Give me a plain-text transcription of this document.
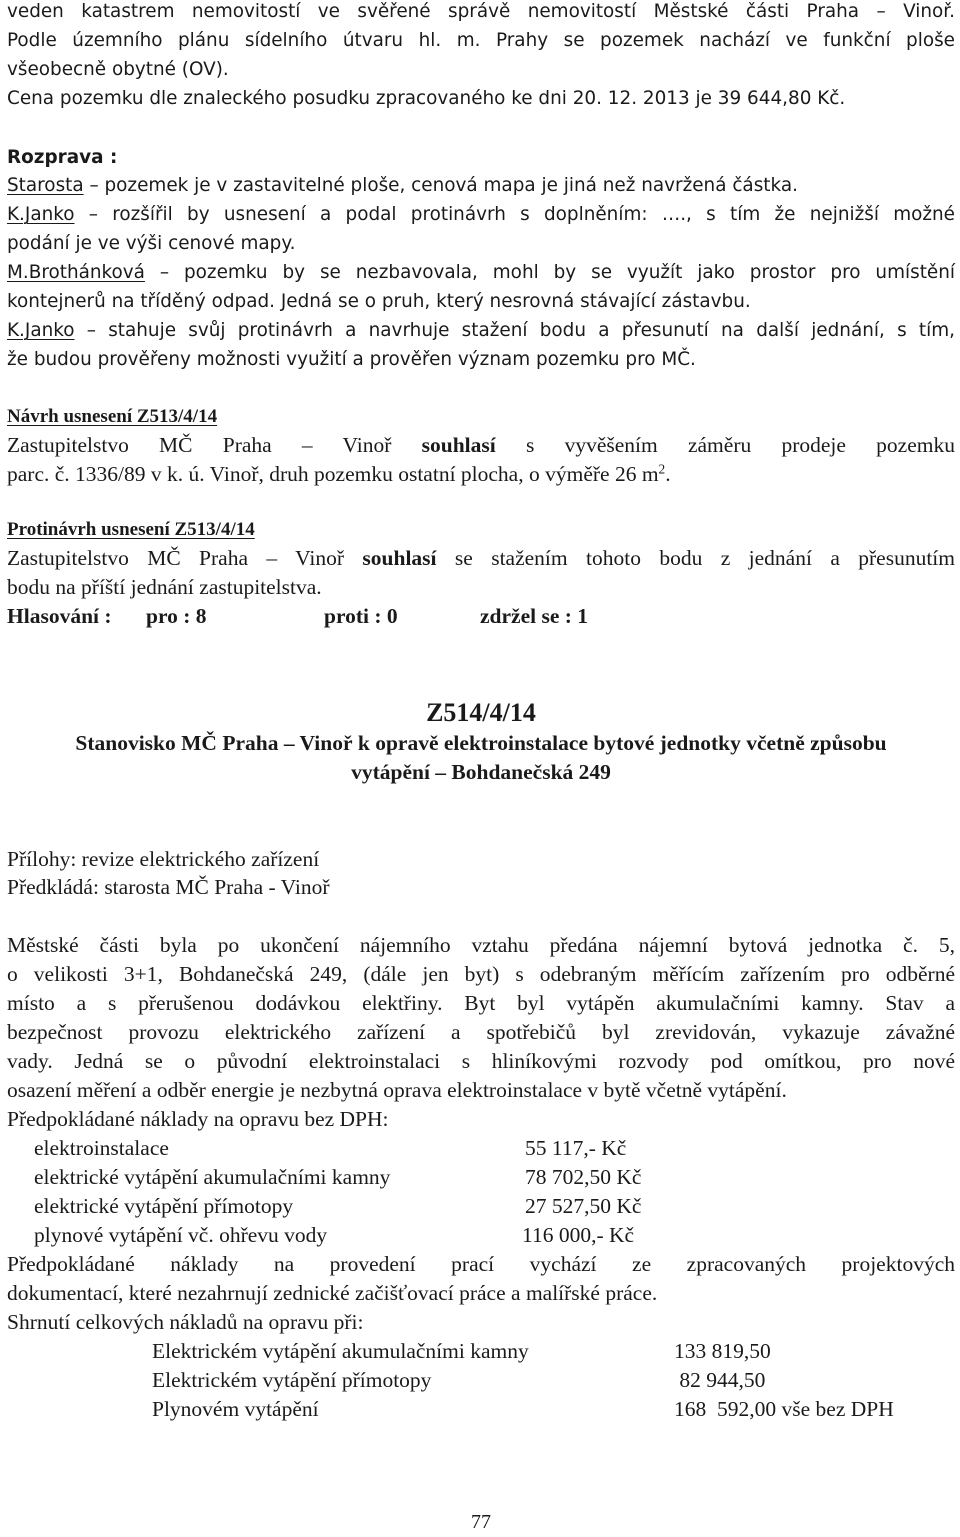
veden katastrem nemovitostí ve svěřené správě nemovitostí Městské části Praha – Vinoř.
Podle územního plánu sídelního útvaru hl. m. Prahy se pozemek nachází ve funkční ploše
všeobecně obytné (OV).
Cena pozemku dle znaleckého posudku zpracovaného ke dni 20. 12. 2013 je 39 644,80 Kč.
Rozprava :
Starosta – pozemek je v zastavitelné ploše, cenová mapa je jiná než navržená částka.
K.Janko – rozšířil by usnesení a podal protinávrh s doplněním: …., s tím že nejnižší možné
podání je ve výši cenové mapy.
M.Brothánková – pozemku by se nezbavovala, mohl by se využít jako prostor pro umístění
kontejnerů na tříděný odpad. Jedná se o pruh, který nesrovná stávající zástavbu.
K.Janko – stahuje svůj protinávrh a navrhuje stažení bodu a přesunutí na další jednání, s tím,
že budou prověřeny možnosti využití a prověřen význam pozemku pro MČ.
Návrh usnesení Z513/4/14
Zastupitelstvo MČ Praha – Vinoř souhlasí s vyvěšením záměru prodeje pozemku
parc. č. 1336/89 v k. ú. Vinoř, druh pozemku ostatní plocha, o výměře 26 $m^2$.
Protinávrh usnesení Z513/4/14
Zastupitelstvo MČ Praha – Vinoř souhlasí se stažením tohoto bodu z jednání a přesunutím
bodu na příští jednání zastupitelstva.
Hlasování : pro : 8	proti : 0	zdržel se : 1
Z514/4/14
Stanovisko MČ Praha – Vinoř k opravě elektroinstalace bytové jednotky včetně způsobu
vytápění – Bohdanečská 249
Přílohy: revize elektrického zařízení
Předkládá: starosta MČ Praha - Vinoř
Městské části byla po ukončení nájemního vztahu předána nájemní bytová jednotka č. 5,
o velikosti 3+1, Bohdanečská 249, (dále jen byt) s odebraným měřícím zařízením pro odběrné
místo a s přerušenou dodávkou elektřiny. Byt byl vytápěn akumulačními kamny. Stav a
bezpečnost provozu elektrického zařízení a spotřebičů byl zrevidován, vykazuje závažné
vady. Jedná se o původní elektroinstalaci s hliníkovými rozvody pod omítkou, pro nové
osazení měření a odběr energie je nezbytná oprava elektroinstalace v bytě včetně vytápění.
Předpokládané náklady na opravu bez DPH:
elektroinstalace	55 117,- Kč
elektrické vytápění akumulačními kamny	78 702,50 Kč
elektrické vytápění přímotopy	27 527,50 Kč
plynové vytápění vč. ohřevu vody	116 000,- Kč
Předpokládané náklady na provedení prací vychází ze zpracovaných projektových
dokumentací, které nezahrnují zednické začišťovací práce a malířské práce.
Shrnutí celkových nákladů na opravu při:
Elektrickém vytápění akumulačními kamny	133 819,50
Elektrickém vytápění přímotopy	82 944,50
Plynovém vytápění	168  592,00 vše bez DPH
77
